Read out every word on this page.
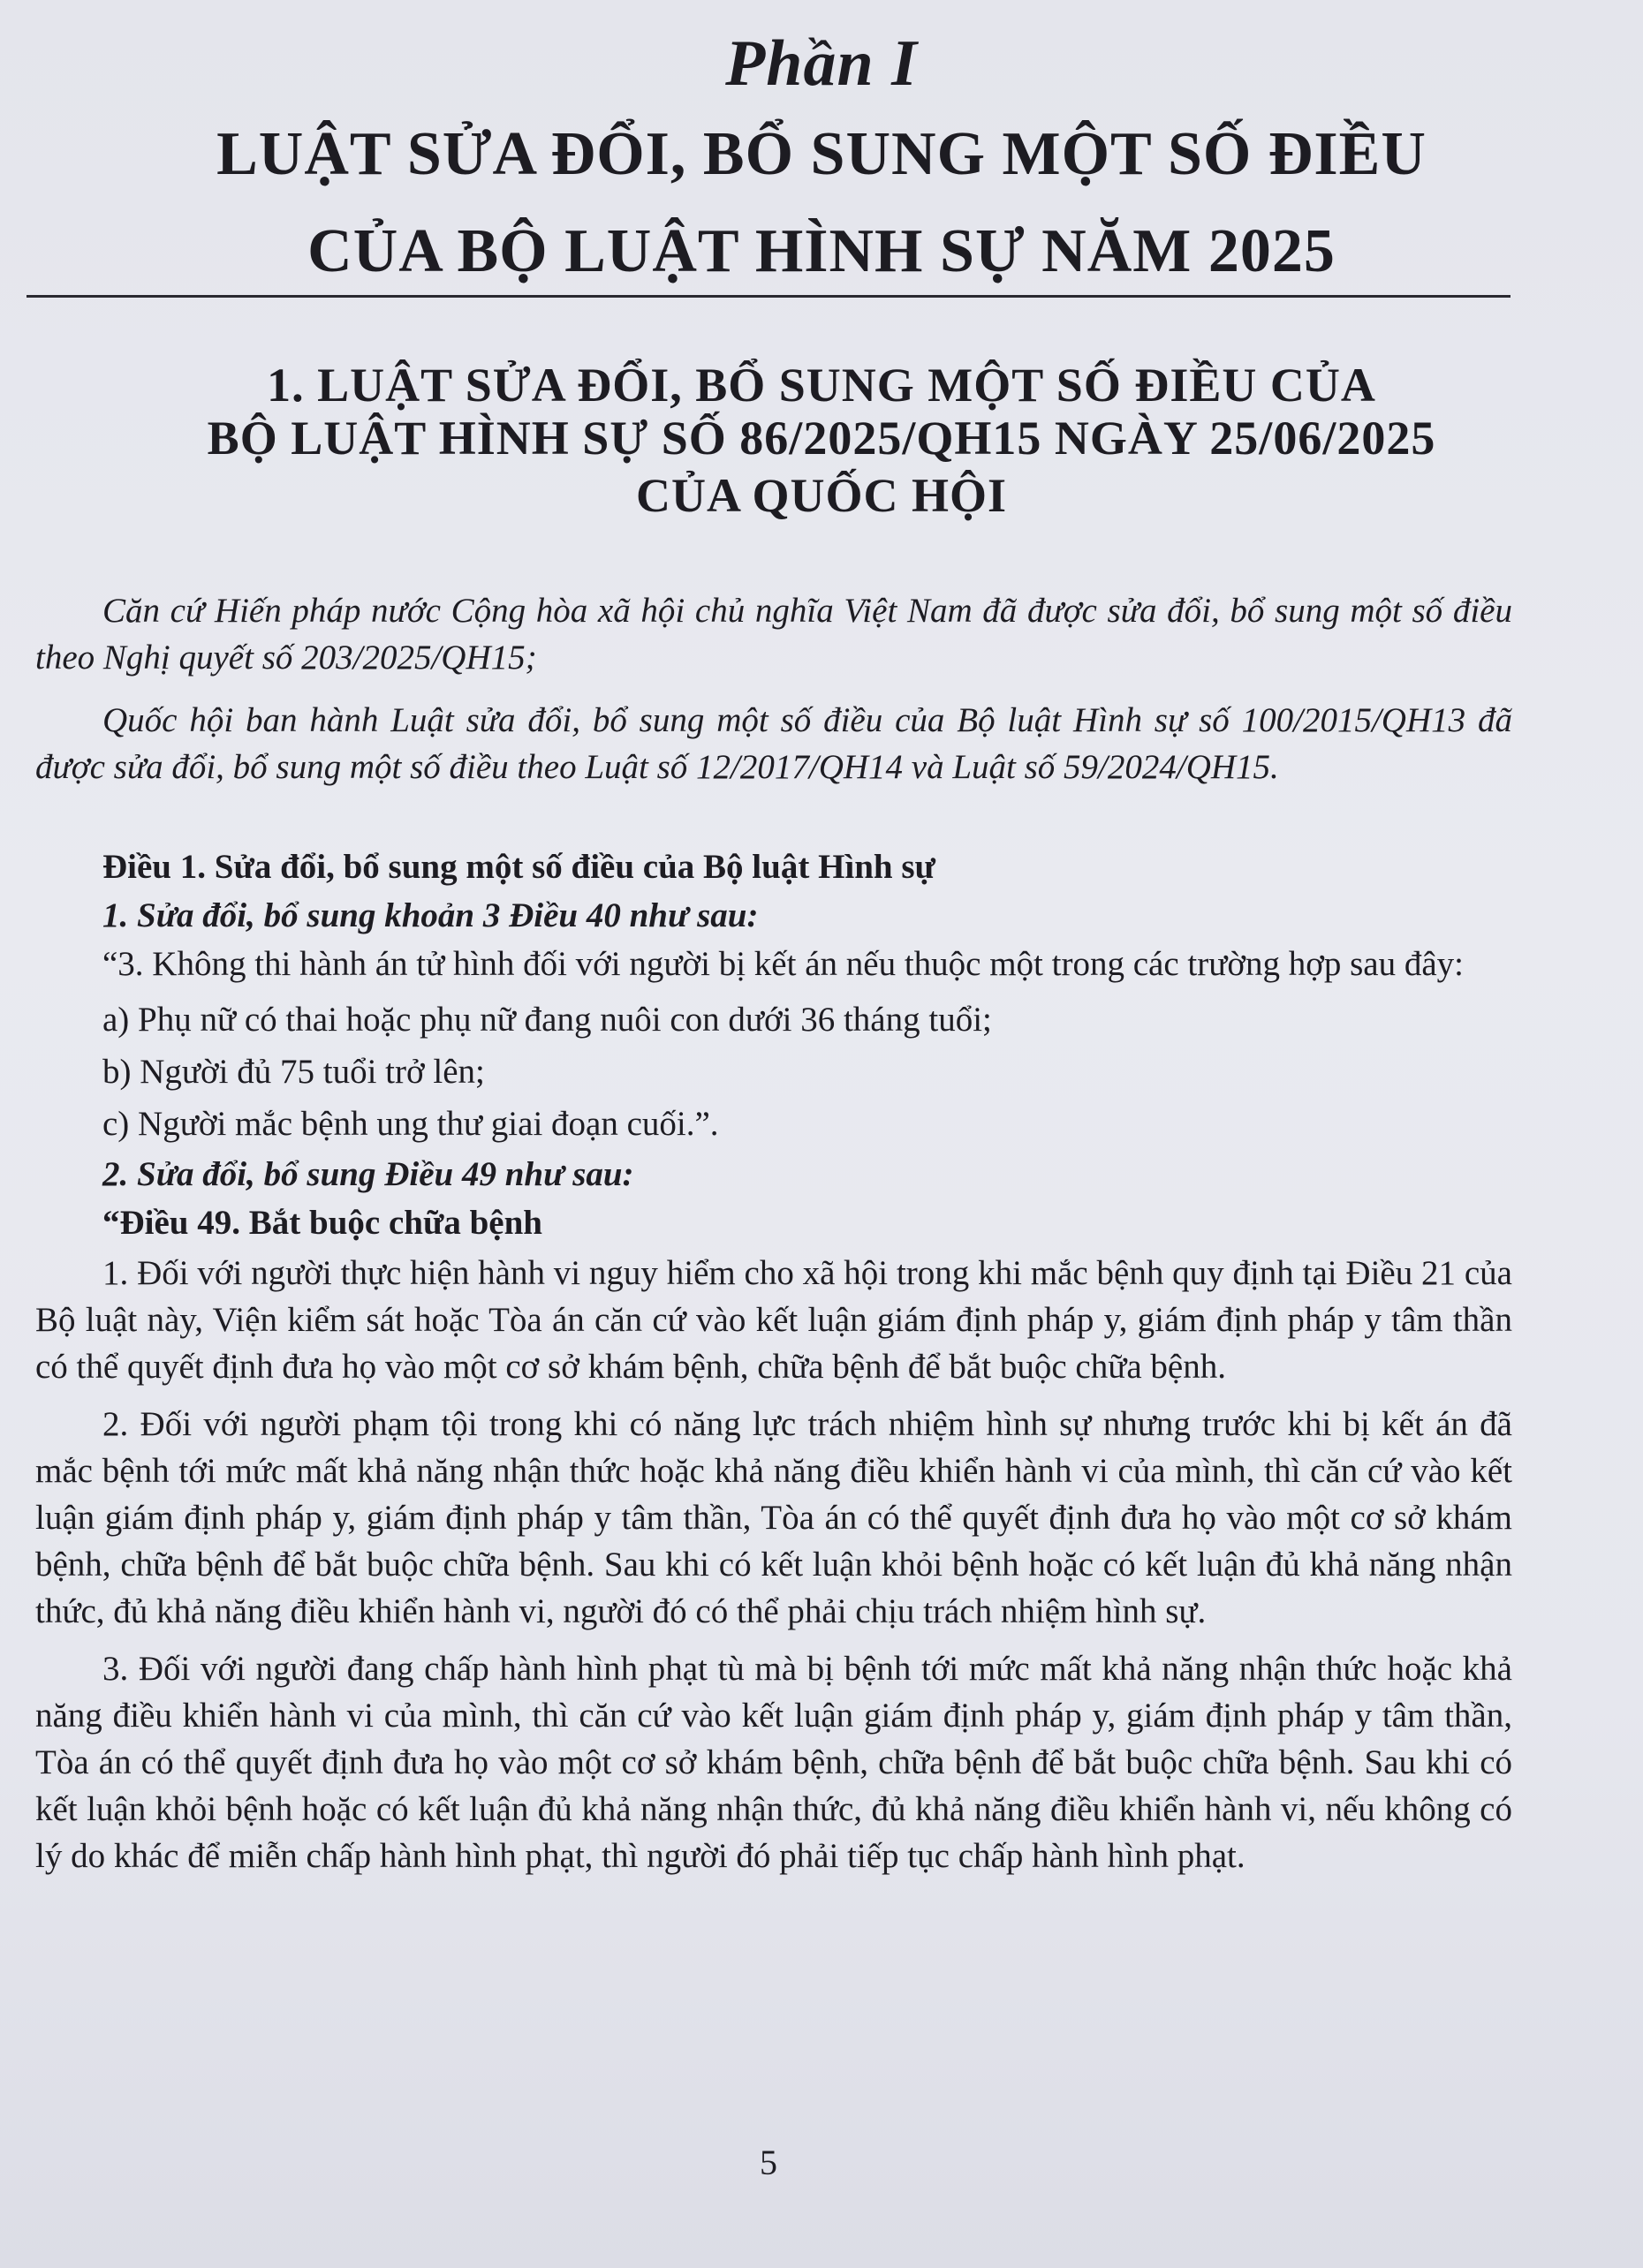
Phần I
LUẬT SỬA ĐỔI, BỔ SUNG MỘT SỐ ĐIỀU
CỦA BỘ LUẬT HÌNH SỰ NĂM 2025
1. LUẬT SỬA ĐỔI, BỔ SUNG MỘT SỐ ĐIỀU CỦA
BỘ LUẬT HÌNH SỰ SỐ 86/2025/QH15 NGÀY 25/06/2025
CỦA QUỐC HỘI

Căn cứ Hiến pháp nước Cộng hòa xã hội chủ nghĩa Việt Nam đã được sửa đổi, bổ sung một số điều theo Nghị quyết số 203/2025/QH15;

Quốc hội ban hành Luật sửa đổi, bổ sung một số điều của Bộ luật Hình sự số 100/2015/QH13 đã được sửa đổi, bổ sung một số điều theo Luật số 12/2017/QH14 và Luật số 59/2024/QH15.

Điều 1. Sửa đổi, bổ sung một số điều của Bộ luật Hình sự

1. Sửa đổi, bổ sung khoản 3 Điều 40 như sau:

“3. Không thi hành án tử hình đối với người bị kết án nếu thuộc một trong các trường hợp sau đây:

a) Phụ nữ có thai hoặc phụ nữ đang nuôi con dưới 36 tháng tuổi;

b) Người đủ 75 tuổi trở lên;

c) Người mắc bệnh ung thư giai đoạn cuối.”.

2. Sửa đổi, bổ sung Điều 49 như sau:

“Điều 49. Bắt buộc chữa bệnh

1. Đối với người thực hiện hành vi nguy hiểm cho xã hội trong khi mắc bệnh quy định tại Điều 21 của Bộ luật này, Viện kiểm sát hoặc Tòa án căn cứ vào kết luận giám định pháp y, giám định pháp y tâm thần có thể quyết định đưa họ vào một cơ sở khám bệnh, chữa bệnh để bắt buộc chữa bệnh.

2. Đối với người phạm tội trong khi có năng lực trách nhiệm hình sự nhưng trước khi bị kết án đã mắc bệnh tới mức mất khả năng nhận thức hoặc khả năng điều khiển hành vi của mình, thì căn cứ vào kết luận giám định pháp y, giám định pháp y tâm thần, Tòa án có thể quyết định đưa họ vào một cơ sở khám bệnh, chữa bệnh để bắt buộc chữa bệnh. Sau khi có kết luận khỏi bệnh hoặc có kết luận đủ khả năng nhận thức, đủ khả năng điều khiển hành vi, người đó có thể phải chịu trách nhiệm hình sự.

3. Đối với người đang chấp hành hình phạt tù mà bị bệnh tới mức mất khả năng nhận thức hoặc khả năng điều khiển hành vi của mình, thì căn cứ vào kết luận giám định pháp y, giám định pháp y tâm thần, Tòa án có thể quyết định đưa họ vào một cơ sở khám bệnh, chữa bệnh để bắt buộc chữa bệnh. Sau khi có kết luận khỏi bệnh hoặc có kết luận đủ khả năng nhận thức, đủ khả năng điều khiển hành vi, nếu không có lý do khác để miễn chấp hành hình phạt, thì người đó phải tiếp tục chấp hành hình phạt.

5
